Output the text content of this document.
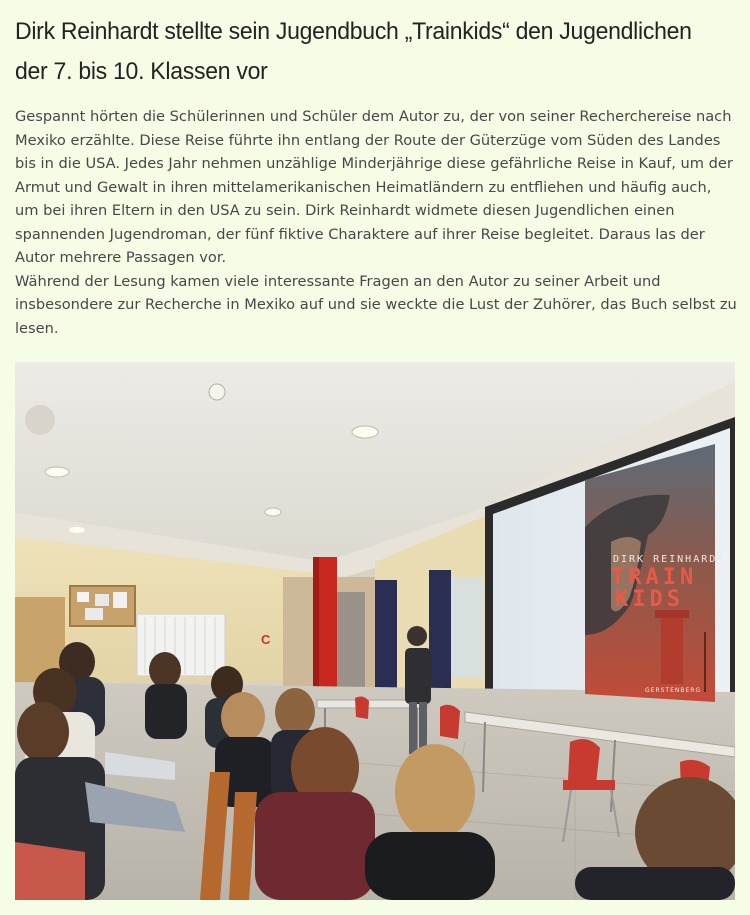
Dirk Reinhardt stellte sein Jugendbuch „Trainkids“ den Jugendlichen der 7. bis 10. Klassen vor

Gespannt hörten die Schülerinnen und Schüler dem Autor zu, der von seiner Recherchereise nach Mexiko erzählte. Diese Reise führte ihn entlang der Route der Güterzüge vom Süden des Landes bis in die USA. Jedes Jahr nehmen unzählige Minderjährige diese gefährliche Reise in Kauf, um der Armut und Gewalt in ihren mittelamerikanischen Heimatländern zu entfliehen und häufig auch, um bei ihren Eltern in den USA zu sein. Dirk Reinhardt widmete diesen Jugendlichen einen spannenden Jugendroman, der fünf fiktive Charaktere auf ihrer Reise begleitet. Daraus las der Autor mehrere Passagen vor.

Während der Lesung kamen viele interessante Fragen an den Autor zu seiner Arbeit und insbesondere zur Recherche in Mexiko auf und sie weckte die Lust der Zuhörer, das Buch selbst zu lesen.

C
DIRK REINHARDT
TRAIN
KIDS
GERSTENBERG
